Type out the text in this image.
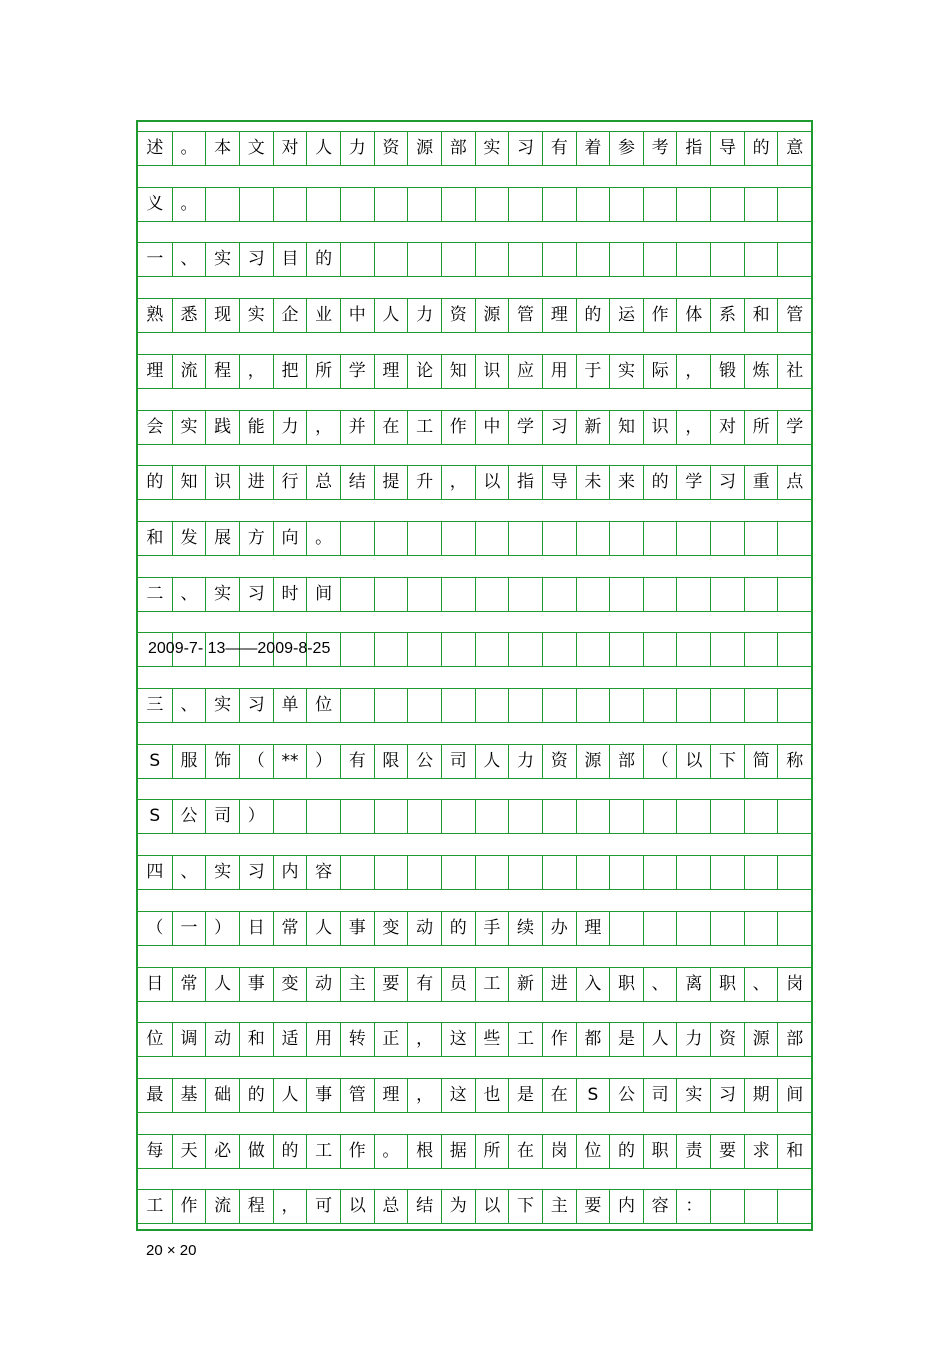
述	。 本 文 对 人 力 资 源 部 实 习 有 着 参 考 指 导 的 意
义	。
一	、 实 习 目 的
熟	悉 现 实 企 业 中 人 力 资 源 管 理 的 运 作 体 系 和 管
理	流 程 ， 把 所 学 理 论 知 识 应 用 于 实 际 ， 锻 炼 社
会	实 践 能 力 ， 并 在 工 作 中 学 习 新 知 识 ， 对 所 学
的	知 识 进 行 总 结 提 升 ， 以 指 导 未 来 的 学 习 重 点
和	发 展 方 向 。
二	、 实 习 时 间
2009-7- 13——2009-8-25
三	、 实 习 单 位
S	服 饰 （ ** ） 有 限 公 司 人 力 资 源 部 （ 以 下 简 称
S	公 司 ）
四	、 实 习 内 容
（	一 ） 日 常 人 事 变 动 的 手 续 办 理
日	常 人 事 变 动 主 要 有 员 工 新 进 入 职 、 离 职 、 岗
位	调 动 和 适 用 转 正 ， 这 些 工 作 都 是 人 力 资 源 部
最	基 础 的 人 事 管 理 ， 这 也 是 在	S	公 司 实 习 期 间
每	天 必 做 的 工 作 。 根 据 所 在 岗 位 的 职 责 要 求 和
工	作 流 程 ， 可 以 总 结 为 以 下 主 要 内 容 ：
20 × 20
